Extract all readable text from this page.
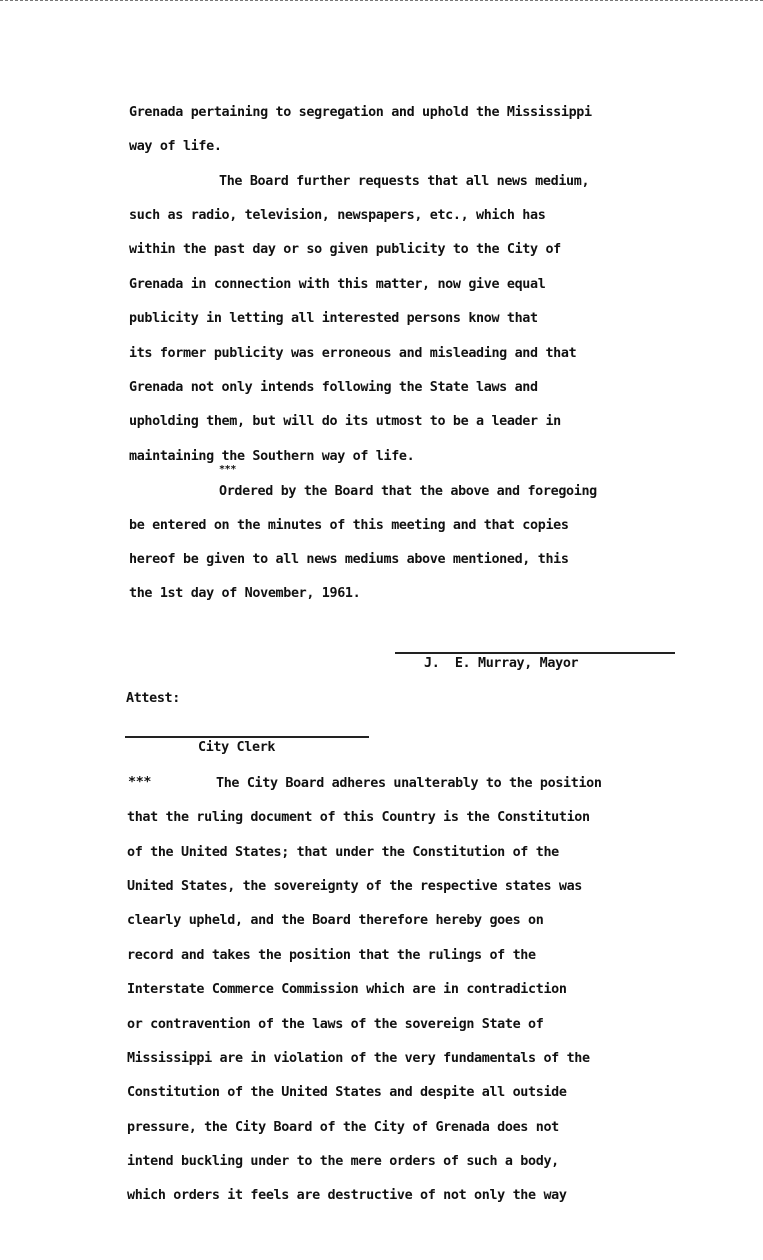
Grenada pertaining to segregation and uphold the Mississippi
way of life.
The Board further requests that all news medium,
such as radio, television, newspapers, etc., which has
within the past day or so given publicity to the City of
Grenada in connection with this matter, now give equal
publicity in letting all interested persons know that
its former publicity was erroneous and misleading and that
Grenada not only intends following the State laws and
upholding them, but will do its utmost to be a leader in
maintaining the Southern way of life.
***
Ordered by the Board that the above and foregoing
be entered on the minutes of this meeting and that copies
hereof be given to all news mediums above mentioned, this
the 1st day of November, 1961.
J.  E. Murray, Mayor
Attest:
City Clerk
***	The City Board adheres unalterably to the position
that the ruling document of this Country is the Constitution
of the United States; that under the Constitution of the
United States, the sovereignty of the respective states was
clearly upheld, and the Board therefore hereby goes on
record and takes the position that the rulings of the
Interstate Commerce Commission which are in contradiction
or contravention of the laws of the sovereign State of
Mississippi are in violation of the very fundamentals of the
Constitution of the United States and despite all outside
pressure, the City Board of the City of Grenada does not
intend buckling under to the mere orders of such a body,
which orders it feels are destructive of not only the way
